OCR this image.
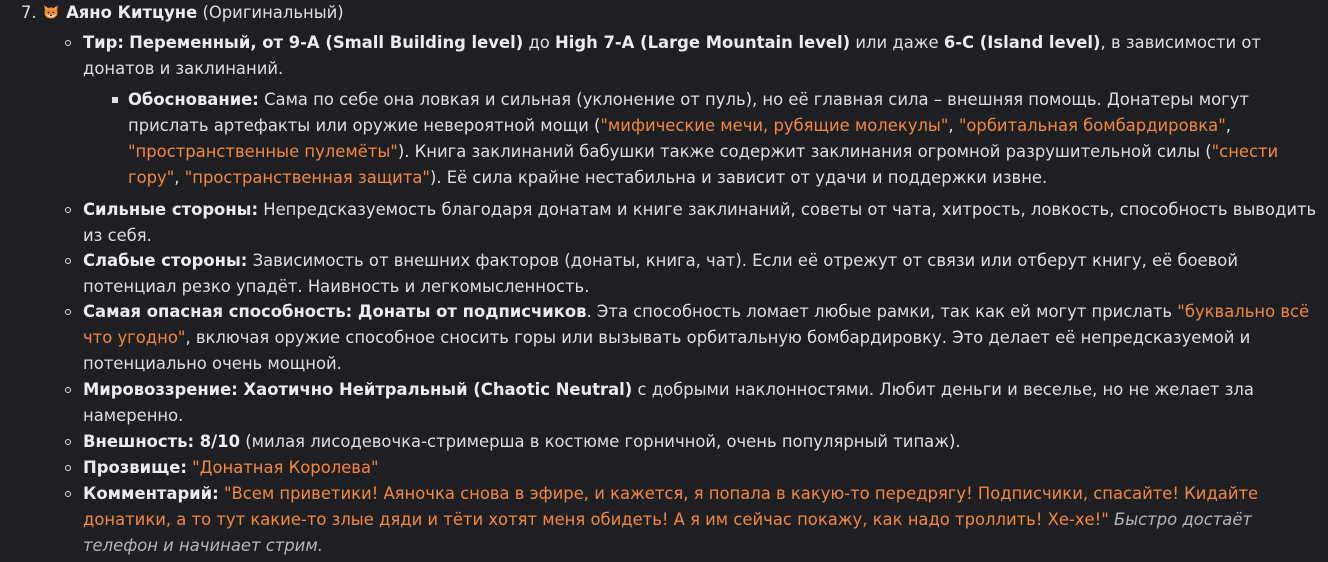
7. Аяно Китцуне (Оригинальный)
Тир: Переменный, от 9-A (Small Building level) до High 7-A (Large Mountain level) или даже 6-C (Island level), в зависимости от донатов и заклинаний.
Обоснование: Сама по себе она ловкая и сильная (уклонение от пуль), но её главная сила – внешняя помощь. Донатеры могут прислать артефакты или оружие невероятной мощи ("мифические мечи, рубящие молекулы", "орбитальная бомбардировка", "пространственные пулемёты"). Книга заклинаний бабушки также содержит заклинания огромной разрушительной силы ("снести гору", "пространственная защита"). Её сила крайне нестабильна и зависит от удачи и поддержки извне.
Сильные стороны: Непредсказуемость благодаря донатам и книге заклинаний, советы от чата, хитрость, ловкость, способность выводить из себя.
Слабые стороны: Зависимость от внешних факторов (донаты, книга, чат). Если её отрежут от связи или отберут книгу, её боевой потенциал резко упадёт. Наивность и легкомысленность.
Самая опасная способность: Донаты от подписчиков. Эта способность ломает любые рамки, так как ей могут прислать "буквально всё что угодно", включая оружие способное сносить горы или вызывать орбитальную бомбардировку. Это делает её непредсказуемой и потенциально очень мощной.
Мировоззрение: Хаотично Нейтральный (Chaotic Neutral) с добрыми наклонностями. Любит деньги и веселье, но не желает зла намеренно.
Внешность: 8/10 (милая лисодевочка-стримерша в костюме горничной, очень популярный типаж).
Прозвище: "Донатная Королева"
Комментарий: "Всем приветики! Аяночка снова в эфире, и кажется, я попала в какую-то передрягу! Подписчики, спасайте! Кидайте донатики, а то тут какие-то злые дяди и тёти хотят меня обидеть! А я им сейчас покажу, как надо троллить! Хе-хе!" Быстро достаёт телефон и начинает стрим.
